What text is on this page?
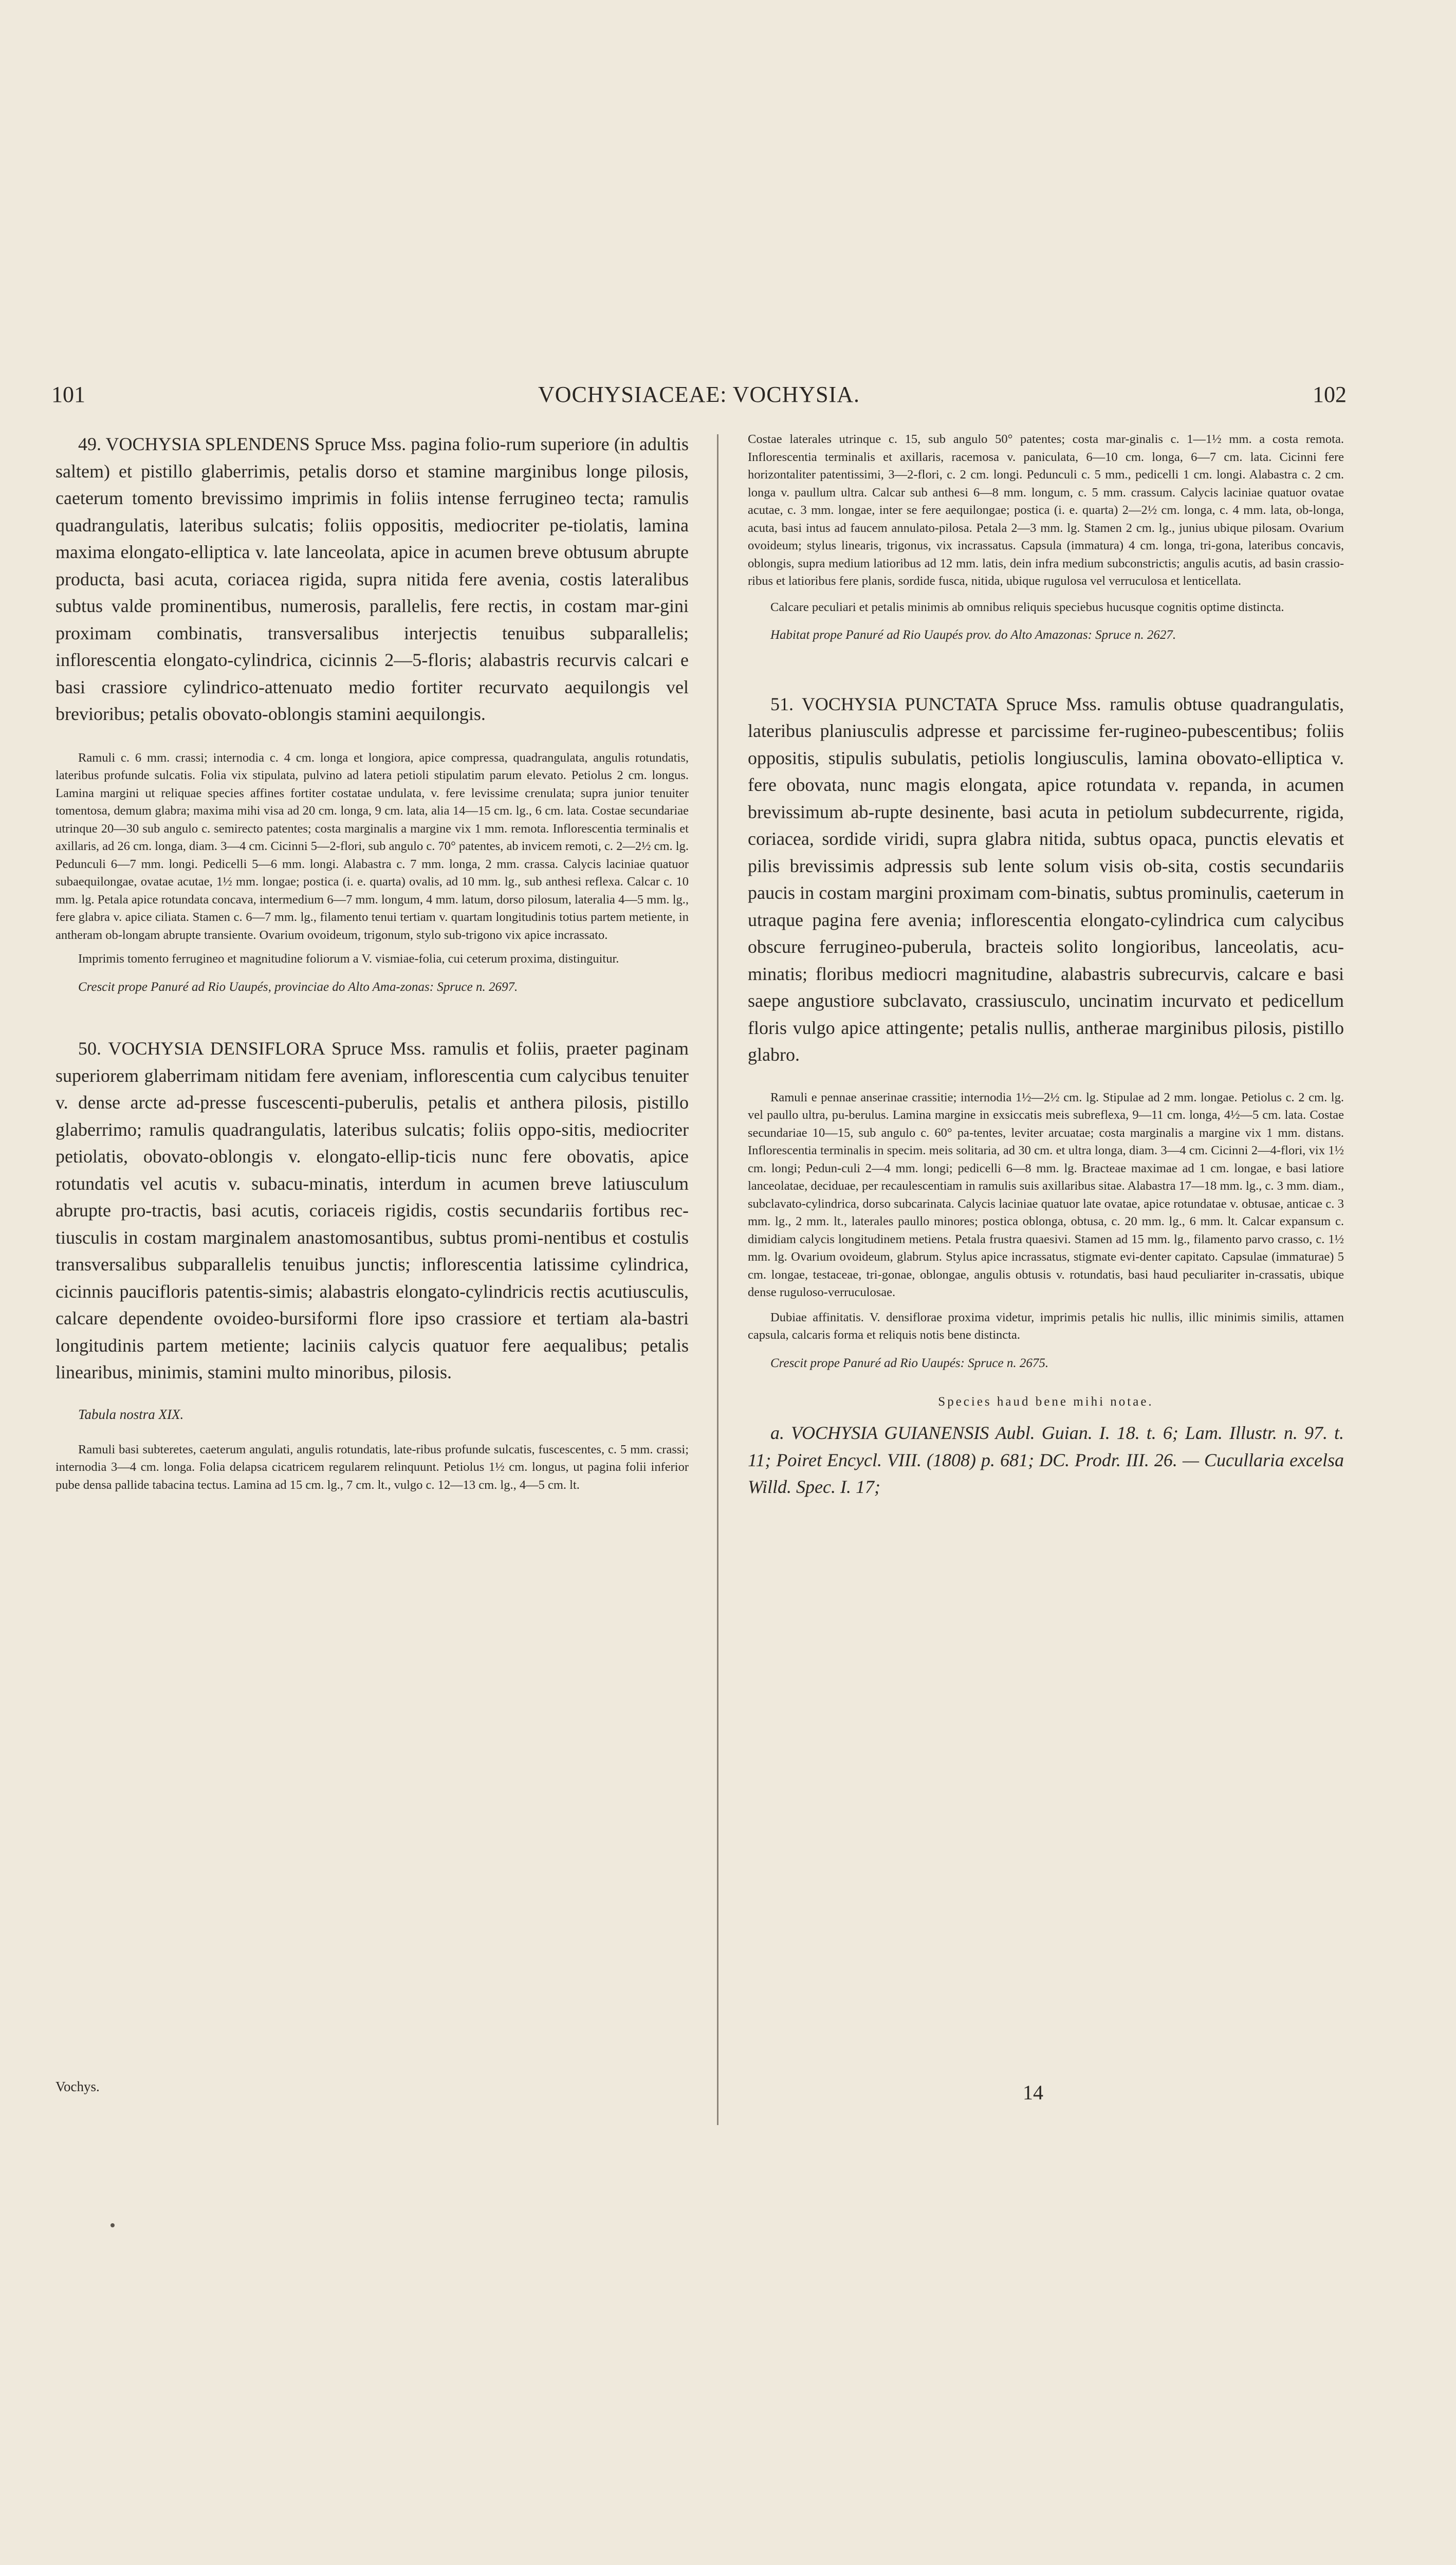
101	VOCHYSIACEAE: VOCHYSIA.	102

49. VOCHYSIA SPLENDENS Spruce Mss. pagina folio-rum superiore (in adultis saltem) et pistillo glaberrimis, petalis dorso et stamine marginibus longe pilosis, caeterum tomento brevissimo imprimis in foliis intense ferrugineo tecta; ramulis quadrangulatis, lateribus sulcatis; foliis oppositis, mediocriter pe-tiolatis, lamina maxima elongato-elliptica v. late lanceolata, apice in acumen breve obtusum abrupte producta, basi acuta, coriacea rigida, supra nitida fere avenia, costis lateralibus subtus valde prominentibus, numerosis, parallelis, fere rectis, in costam mar-gini proximam combinatis, transversalibus interjectis tenuibus subparallelis; inflorescentia elongato-cylindrica, cicinnis 2—5-floris; alabastris recurvis calcari e basi crassiore cylindrico-attenuato medio fortiter recurvato aequilongis vel brevioribus; petalis obovato-oblongis stamini aequilongis.

Ramuli c. 6 mm. crassi; internodia c. 4 cm. longa et longiora, apice compressa, quadrangulata, angulis rotundatis, lateribus profunde sulcatis. Folia vix stipulata, pulvino ad latera petioli stipulatim parum elevato. Petiolus 2 cm. longus. Lamina margini ut reliquae species affines fortiter costatae undulata, v. fere levissime crenulata; supra junior tenuiter tomentosa, demum glabra; maxima mihi visa ad 20 cm. longa, 9 cm. lata, alia 14—15 cm. lg., 6 cm. lata. Costae secundariae utrinque 20—30 sub angulo c. semirecto patentes; costa marginalis a margine vix 1 mm. remota. Inflorescentia terminalis et axillaris, ad 26 cm. longa, diam. 3—4 cm. Cicinni 5—2-flori, sub angulo c. 70° patentes, ab invicem remoti, c. 2—2½ cm. lg. Pedunculi 6—7 mm. longi. Pedicelli 5—6 mm. longi. Alabastra c. 7 mm. longa, 2 mm. crassa. Calycis laciniae quatuor subaequilongae, ovatae acutae, 1½ mm. longae; postica (i. e. quarta) ovalis, ad 10 mm. lg., sub anthesi reflexa. Calcar c. 10 mm. lg. Petala apice rotundata concava, intermedium 6—7 mm. longum, 4 mm. latum, dorso pilosum, lateralia 4—5 mm. lg., fere glabra v. apice ciliata. Stamen c. 6—7 mm. lg., filamento tenui tertiam v. quartam longitudinis totius partem metiente, in antheram ob-longam abrupte transiente. Ovarium ovoideum, trigonum, stylo sub-trigono vix apice incrassato.

Imprimis tomento ferrugineo et magnitudine foliorum a V. vismiae-folia, cui ceterum proxima, distinguitur.

Crescit prope Panuré ad Rio Uaupés, provinciae do Alto Ama-zonas: Spruce n. 2697.

50. VOCHYSIA DENSIFLORA Spruce Mss. ramulis et foliis, praeter paginam superiorem glaberrimam nitidam fere aveniam, inflorescentia cum calycibus tenuiter v. dense arcte ad-presse fuscescenti-puberulis, petalis et anthera pilosis, pistillo glaberrimo; ramulis quadrangulatis, lateribus sulcatis; foliis oppo-sitis, mediocriter petiolatis, obovato-oblongis v. elongato-ellip-ticis nunc fere obovatis, apice rotundatis vel acutis v. subacu-minatis, interdum in acumen breve latiusculum abrupte pro-tractis, basi acutis, coriaceis rigidis, costis secundariis fortibus rec-tiusculis in costam marginalem anastomosantibus, subtus promi-nentibus et costulis transversalibus subparallelis tenuibus junctis; inflorescentia latissime cylindrica, cicinnis paucifloris patentis-simis; alabastris elongato-cylindricis rectis acutiusculis, calcare dependente ovoideo-bursiformi flore ipso crassiore et tertiam ala-bastri longitudinis partem metiente; laciniis calycis quatuor fere aequalibus; petalis linearibus, minimis, stamini multo minoribus, pilosis.

Tabula nostra XIX.

Ramuli basi subteretes, caeterum angulati, angulis rotundatis, late-ribus profunde sulcatis, fuscescentes, c. 5 mm. crassi; internodia 3—4 cm. longa. Folia delapsa cicatricem regularem relinquunt. Petiolus 1½ cm. longus, ut pagina folii inferior pube densa pallide tabacina tectus. Lamina ad 15 cm. lg., 7 cm. lt., vulgo c. 12—13 cm. lg., 4—5 cm. lt.

Vochys.

Costae laterales utrinque c. 15, sub angulo 50° patentes; costa mar-ginalis c. 1—1½ mm. a costa remota. Inflorescentia terminalis et axillaris, racemosa v. paniculata, 6—10 cm. longa, 6—7 cm. lata. Cicinni fere horizontaliter patentissimi, 3—2-flori, c. 2 cm. longi. Pedunculi c. 5 mm., pedicelli 1 cm. longi. Alabastra c. 2 cm. longa v. paullum ultra. Calcar sub anthesi 6—8 mm. longum, c. 5 mm. crassum. Calycis laciniae quatuor ovatae acutae, c. 3 mm. longae, inter se fere aequilongae; postica (i. e. quarta) 2—2½ cm. longa, c. 4 mm. lata, ob-longa, acuta, basi intus ad faucem annulato-pilosa. Petala 2—3 mm. lg. Stamen 2 cm. lg., junius ubique pilosam. Ovarium ovoideum; stylus linearis, trigonus, vix incrassatus. Capsula (immatura) 4 cm. longa, tri-gona, lateribus concavis, oblongis, supra medium latioribus ad 12 mm. latis, dein infra medium subconstrictis; angulis acutis, ad basin crassio-ribus et latioribus fere planis, sordide fusca, nitida, ubique rugulosa vel verruculosa et lenticellata.

Calcare peculiari et petalis minimis ab omnibus reliquis speciebus hucusque cognitis optime distincta.

Habitat prope Panuré ad Rio Uaupés prov. do Alto Amazonas: Spruce n. 2627.

51. VOCHYSIA PUNCTATA Spruce Mss. ramulis obtuse quadrangulatis, lateribus planiusculis adpresse et parcissime fer-rugineo-pubescentibus; foliis oppositis, stipulis subulatis, petiolis longiusculis, lamina obovato-elliptica v. fere obovata, nunc magis elongata, apice rotundata v. repanda, in acumen brevissimum ab-rupte desinente, basi acuta in petiolum subdecurrente, rigida, coriacea, sordide viridi, supra glabra nitida, subtus opaca, punctis elevatis et pilis brevissimis adpressis sub lente solum visis ob-sita, costis secundariis paucis in costam margini proximam com-binatis, subtus prominulis, caeterum in utraque pagina fere avenia; inflorescentia elongato-cylindrica cum calycibus obscure ferrugineo-puberula, bracteis solito longioribus, lanceolatis, acu-minatis; floribus mediocri magnitudine, alabastris subrecurvis, calcare e basi saepe angustiore subclavato, crassiusculo, uncinatim incurvato et pedicellum floris vulgo apice attingente; petalis nullis, antherae marginibus pilosis, pistillo glabro.

Ramuli e pennae anserinae crassitie; internodia 1½—2½ cm. lg. Stipulae ad 2 mm. longae. Petiolus c. 2 cm. lg. vel paullo ultra, pu-berulus. Lamina margine in exsiccatis meis subreflexa, 9—11 cm. longa, 4½—5 cm. lata. Costae secundariae 10—15, sub angulo c. 60° pa-tentes, leviter arcuatae; costa marginalis a margine vix 1 mm. distans. Inflorescentia terminalis in specim. meis solitaria, ad 30 cm. et ultra longa, diam. 3—4 cm. Cicinni 2—4-flori, vix 1½ cm. longi; Pedun-culi 2—4 mm. longi; pedicelli 6—8 mm. lg. Bracteae maximae ad 1 cm. longae, e basi latiore lanceolatae, deciduae, per recaulescentiam in ramulis suis axillaribus sitae. Alabastra 17—18 mm. lg., c. 3 mm. diam., subclavato-cylindrica, dorso subcarinata. Calycis laciniae quatuor late ovatae, apice rotundatae v. obtusae, anticae c. 3 mm. lg., 2 mm. lt., laterales paullo minores; postica oblonga, obtusa, c. 20 mm. lg., 6 mm. lt. Calcar expansum c. dimidiam calycis longitudinem metiens. Petala frustra quaesivi. Stamen ad 15 mm. lg., filamento parvo crasso, c. 1½ mm. lg. Ovarium ovoideum, glabrum. Stylus apice incrassatus, stigmate evi-denter capitato. Capsulae (immaturae) 5 cm. longae, testaceae, tri-gonae, oblongae, angulis obtusis v. rotundatis, basi haud peculiariter in-crassatis, ubique dense ruguloso-verruculosae.

Dubiae affinitatis. V. densiflorae proxima videtur, imprimis petalis hic nullis, illic minimis similis, attamen capsula, calcaris forma et reliquis notis bene distincta.

Crescit prope Panuré ad Rio Uaupés: Spruce n. 2675.

Species haud bene mihi notae.

a. VOCHYSIA GUIANENSIS Aubl. Guian. I. 18. t. 6; Lam. Illustr. n. 97. t. 11; Poiret Encycl. VIII. (1808) p. 681; DC. Prodr. III. 26. — Cucullaria excelsa Willd. Spec. I. 17;

14
